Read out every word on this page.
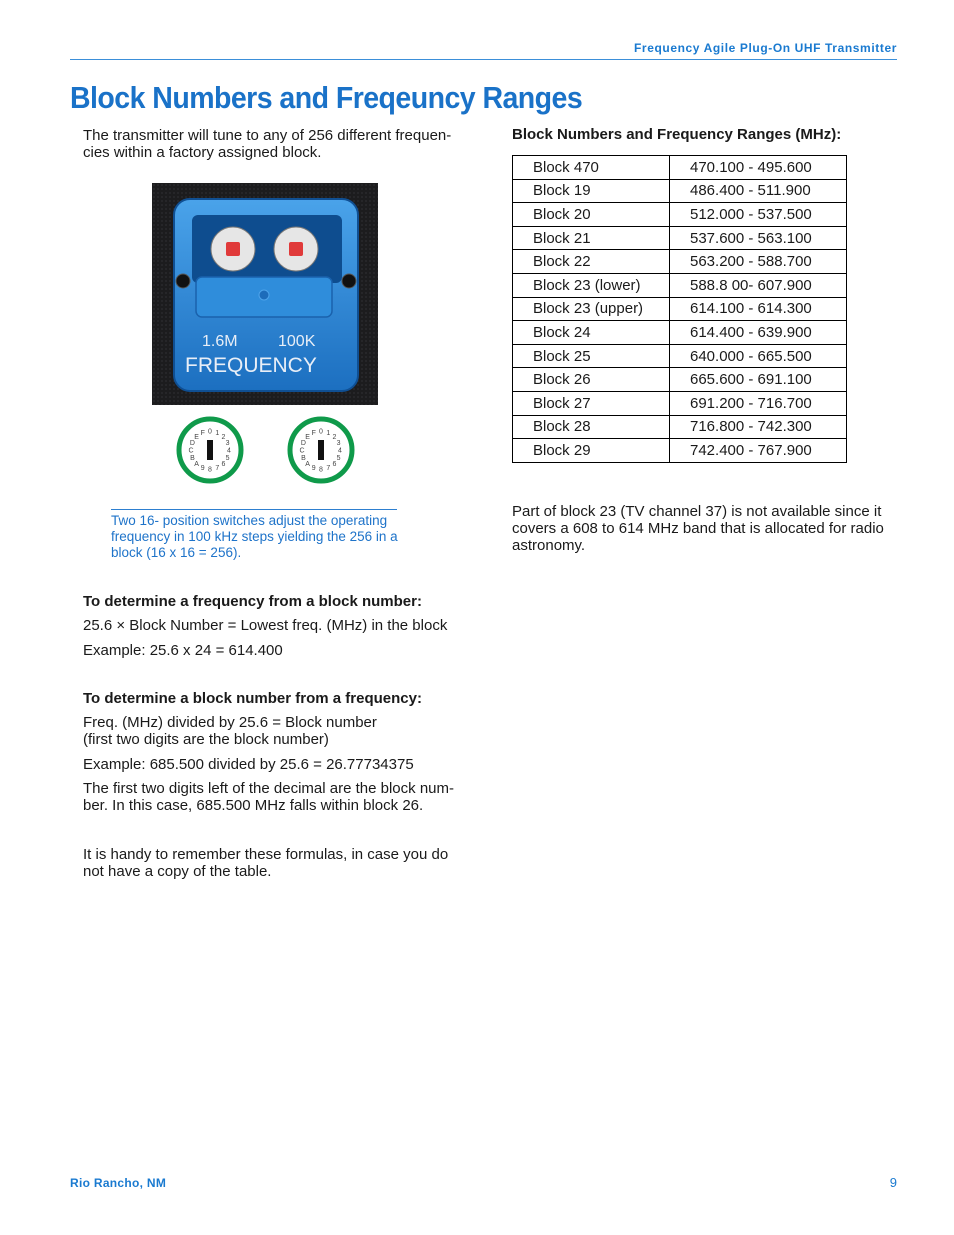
Frequency Agile Plug-On UHF Transmitter
Block Numbers and Freqeuncy Ranges

The transmitter will tune to any of 256 different frequen-cies within a factory assigned block.

1.6M	100K
FREQUENCY
0 1
2
3
4
5
6
7
8
9
A
B
C
D
E
F	0 1
2
3
4
5
6
7
8
9
A
B
C
D
E
F

Two 16- position switches adjust the operating frequency in 100 kHz steps yielding the 256 in a block (16 x 16 = 256).

To determine a frequency from a block number:

25.6 × Block Number = Lowest freq. (MHz) in the block

Example: 25.6 x 24 = 614.400

To determine a block number from a frequency:

Freq. (MHz) divided by 25.6 = Block number

(first two digits are the block number)

Example: 685.500 divided by 25.6 = 26.77734375

The first two digits left of the decimal are the block num-ber. In this case, 685.500 MHz falls within block 26.

It is handy to remember these formulas, in case you do not have a copy of the table.

Block Numbers and Frequency Ranges (MHz):

Block 470	470.100 - 495.600
Block 19	486.400 - 511.900
Block 20	512.000 - 537.500
Block 21	537.600 - 563.100
Block 22	563.200 - 588.700
Block 23 (lower)	588.8 00- 607.900
Block 23 (upper)	614.100 - 614.300
Block 24	614.400 - 639.900
Block 25	640.000 - 665.500
Block 26	665.600 - 691.100
Block 27	691.200 - 716.700
Block 28	716.800 - 742.300
Block 29	742.400 - 767.900

Part of block 23 (TV channel 37) is not available since it covers a 608 to 614 MHz band that is allocated for radio astronomy.

Rio Rancho, NM	9
